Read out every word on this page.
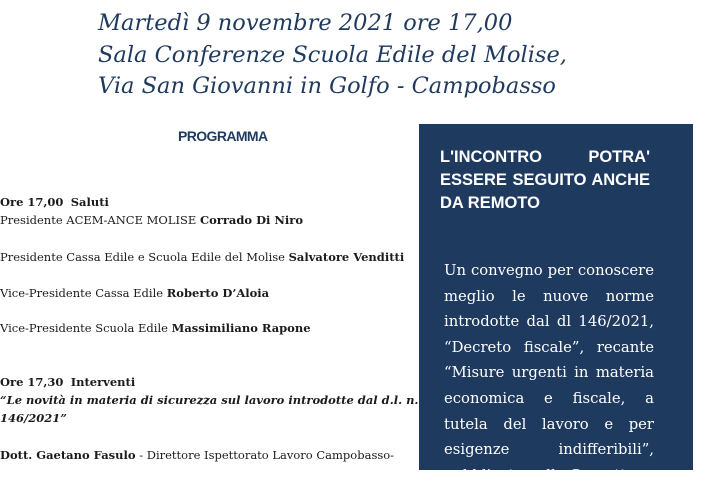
Martedì 9 novembre 2021 ore 17,00
Sala Conferenze Scuola Edile del Molise,
Via San Giovanni in Golfo - Campobasso
PROGRAMMA

Ore 17,00 Saluti

Presidente ACEM-ANCE MOLISE Corrado Di Niro

Presidente Cassa Edile e Scuola Edile del Molise Salvatore Venditti

Vice-Presidente Cassa Edile Roberto D’Aloia

Vice-Presidente Scuola Edile Massimiliano Rapone

Ore 17,30 Interventi

“Le novità in materia di sicurezza sul lavoro introdotte dal d.l. n.

146/2021”

Dott. Gaetano Fasulo - Direttore Ispettorato Lavoro Campobasso-

L'INCONTRO POTRA' ESSERE SEGUITO ANCHE DA REMOTO
Un convegno per conoscere meglio le nuove norme introdotte dal dl 146/2021, “Decreto fiscale”, recante “Misure urgenti in materia economica e fiscale, a tutela del lavoro e per esigenze indifferibili”, pubblicato nella Gazzetta
